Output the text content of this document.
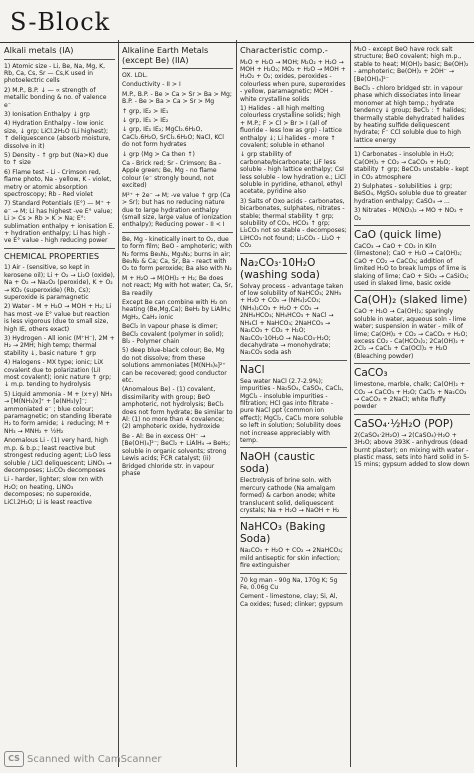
S-Block

Alkali metals (IA)

1) Atomic size - Li, Be, Na, Mg, K, Rb, Ca, Cs, Sr — Cs,K used in photoelectric cells

2) M.P., B.P. ↓ — ∝ strength of metallic bonding & no. of valence e⁻

3) Ionisation Enthalpy ↓ grp

4) Hydration Enthalpy - low ionic size, ↓ grp; LiCl.2H₂O (Li highest); ↑ deliquescence (absorb moisture, dissolve in it)

5) Density - ↑ grp but (Na>K) due to ↑ size

6) Flame test - Li - Crimson red, flame photo, Na - yellow, K - violet, metry or atomic absorption spectroscopy; Rb - Red violet

7) Standard Potentials (E°) — M⁺ + e⁻ → M; Li has highest -ve E° value; Li > Cs > Rb > K > Na; E°: sublimation enthalpy + ionisation E. + hydration enthalpy; Li has high -ve E° value - high reducing power

CHEMICAL PROPERTIES

1) Air - (sensitive, so kept in kerosene oil); Li + O₂ → Li₂O (oxide), Na + O₂ → Na₂O₂ (peroxide), K + O₂ → KO₂ (superoxide) (Rb, Cs); superoxide is paramagnetic

2) Water - M + H₂O → MOH + H₂; Li has most -ve E° value but reaction is less vigorous (due to small size, high IE, others exact)

3) Hydrogen - All ionic (M⁺H⁻), 2M + H₂ → 2MH; high temp; thermal stability ↓, basic nature ↑ grp

4) Halogens - MX type; ionic; LiX covalent due to polarization (LiI most covalent); ionic nature ↑ grp; ↓ m.p. tending to hydrolysis

5) Liquid ammonia - M + (x+y) NH₃ → [M(NH₃)x]⁺ + [e(NH₃)y]⁻; ammoniated e⁻ ; blue colour; paramagnetic; on standing liberate H₂ to form amide; ↓ reducing; M + NH₃ → MNH₂ + ½H₂

Anomalous Li - (1) very hard, high m.p. & b.p.; least reactive but strongest reducing agent; Li₂O less soluble / LiCl deliquescent; LiNO₃ → decomposes; Li₂CO₃ decomposes

Li - harder, lighter; slow rxn with H₂O; on heating, LiNO₃ decomposes; no superoxide, LiCl.2H₂O; Li is least reactive

Alkaline Earth Metals (except Be) (IIA)

OX. LDL.

Conductivity - II > I

M.P., B.P. - Be > Ca > Sr > Ba > Mg; B.P. - Be > Ba > Ca > Sr > Mg

↑ grp, IE₂ > IE₁

↓ grp, IE₁ > IE₂

↓ grp, IE₁ IE₂; MgCl₂.6H₂O, CaCl₂.6H₂O, SrCl₂.6H₂O; NaCl, KCl do not form hydrates

↓ grp (Mg > Ca then ↑)

Ca - Brick red; Sr - Crimson; Ba - Apple green; Be, Mg - no flame colour (e⁻ strongly bound, not excited)

M²⁺ + 2e⁻ → M; -ve value ↑ grp (Ca > Sr); but has no reducing nature due to large hydration enthalpy (small size, large value of ionization enthalpy); Reducing power - II < I

Be, Mg - kinetically inert to O₂, due to form film; BeO - amphoteric; with N₂ forms Be₃N₂, Mg₃N₂; burns in air; Be₃N₂ & Ca; Ca, Sr, Ba - react with O₂ to form peroxide; Ba also with N₂

M + H₂O → M(OH)₂ + H₂; Be does not react; Mg with hot water; Ca, Sr, Ba readily

Except Be can combine with H₂ on heating (Be,Mg,Ca); BeH₂ by LiAlH₄; MgH₂, CaH₂ ionic

BeCl₂ in vapour phase is dimer; BeCl₂ covalent (polymer in solid); Bl₂ - Polymer chain

5) deep blue-black colour; Be, Mg do not dissolve; from these solutions ammoniates [M(NH₃)₆]²⁺ can be recovered; good conductor etc.

(Anomalous Be) - (1) covalent, dissimilarity with group; BeO amphoteric, not hydrolysis; BeCl₂ does not form hydrate; Be similar to Al: (1) no more than 4 covalence; (2) amphoteric oxide, hydroxide

Be - Al: Be in excess OH⁻ → [Be(OH)₄]²⁻; BeCl₂ + LiAlH₄ → BeH₂; soluble in organic solvents; strong Lewis acids; FCR catalyst; (ii) Bridged chloride str. in vapour phase

Characteristic comp.-

M₂O + H₂O → MOH; M₂O₂ + H₂O → MOH + H₂O₂; MO₂ + H₂O → MOH + H₂O₂ + O₂; oxides, peroxides - colourless when pure, superoxides - yellow, paramagnetic; MOH - white crystalline solids

1) Halides - all high melting colourless crystalline solids; high + M.P.; F > Cl > Br > I (all of fluoride - less low as grp) - lattice enthalpy ↓; Li halides - more ↑ covalent; soluble in ethanol

↓ grp stability of carbonate/bicarbonate; LiF less soluble - high lattice enthalpy; CsI less soluble - low hydration e.; LiCl soluble in pyridine, ethanol, ethyl acetate, pyridine also

3) Salts of Oxo acids - carbonates, bicarbonates, sulphates, nitrates - stable; thermal stability ↑ grp; solubility of CO₃, HCO₃ ↑ grp; Li₂CO₃ not so stable - decomposes; LiHCO₃ not found; Li₂CO₃ - Li₂O + CO₂

Na₂CO₃·10H₂O (washing soda)

Solvay process - advantage taken of low solubility of NaHCO₃; 2NH₃ + H₂O + CO₂ → (NH₄)₂CO₃; (NH₄)₂CO₃ + H₂O + CO₂ → 2NH₄HCO₃; NH₄HCO₃ + NaCl → NH₄Cl + NaHCO₃; 2NaHCO₃ → Na₂CO₃ + CO₂ + H₂O; Na₂CO₃·10H₂O → Na₂CO₃·H₂O; decahydrate → monohydrate; Na₂CO₃ soda ash

NaCl

Sea water NaCl (2.7-2.9%); impurities - Na₂SO₄, CaSO₄, CaCl₂, MgCl₂ - insoluble impurities - filtration; HCl gas into filtrate - pure NaCl ppt (common ion effect); MgCl₂, CaCl₂ more soluble so left in solution; Solubility does not increase appreciably with temp.

NaOH (caustic soda)

Electrolysis of brine soln. with mercury cathode (Na amalgam formed) & carbon anode; white translucent solid, deliquescent crystals; Na + H₂O → NaOH + H₂

NaHCO₃ (Baking Soda)

Na₂CO₃ + H₂O + CO₂ → 2NaHCO₃; mild antiseptic for skin infection; fire extinguisher

70 kg man - 90g Na, 170g K; 5g Fe, 0.06g Cu

Cement - limestone, clay; Si, Al, Ca oxides; fused; clinker; gypsum

M₂O - except BeO have rock salt structure; BeO covalent; high m.p., stable to heat; M(OH)₂ basic; Be(OH)₂ - amphoteric; Be(OH)₂ + 2OH⁻ → [Be(OH)₄]²⁻

BeCl₂ - chloro bridged str. in vapour phase which dissociates into linear monomer at high temp.; hydrate tendency ↓ group; BeCl₂ : ↑ halides; thermally stable dehydrated halides by heating sulfide deliquescent hydrate; F⁻ CCl soluble due to high lattice energy

1) Carbonates - insoluble in H₂O; Ca(OH)₂ + CO₂ → CaCO₃ + H₂O; stability ↑ grp; BeCO₃ unstable - kept in CO₂ atmosphere

2) Sulphates - solubilities ↓ grp; BeSO₄, MgSO₄ soluble due to greater hydration enthalpy; CaSO₄ → ...

3) Nitrates - M(NO₃)₂ → MO + NO₂ + O₂

CaO (quick lime)

CaCO₃ → CaO + CO₂ in Kiln (limestone); CaO + H₂O → Ca(OH)₂; CaO + CO₂ → CaCO₃; addition of limited H₂O to break lumps of lime is slaking of lime; CaO + SiO₂ → CaSiO₃; used in slaked lime, basic oxide

Ca(OH)₂ (slaked lime)

CaO + H₂O → Ca(OH)₂; sparingly soluble in water, aqueous soln - lime water; suspension in water - milk of lime; Ca(OH)₂ + CO₂ → CaCO₃ + H₂O; excess CO₂ - Ca(HCO₃)₂; 2Ca(OH)₂ + 2Cl₂ → CaCl₂ + Ca(OCl)₂ + H₂O (Bleaching powder)

CaCO₃

limestone, marble, chalk; Ca(OH)₂ + CO₂ → CaCO₃ + H₂O; CaCl₂ + Na₂CO₃ → CaCO₃ + 2NaCl; white fluffy powder

CaSO₄·½H₂O (POP)

2(CaSO₄·2H₂O) → 2(CaSO₄)·H₂O + 3H₂O; above 393K - anhydrous (dead burnt plaster); on mixing with water - plastic mass, sets into hard solid in 5-15 mins; gypsum added to slow down

CS Scanned with CamScanner
